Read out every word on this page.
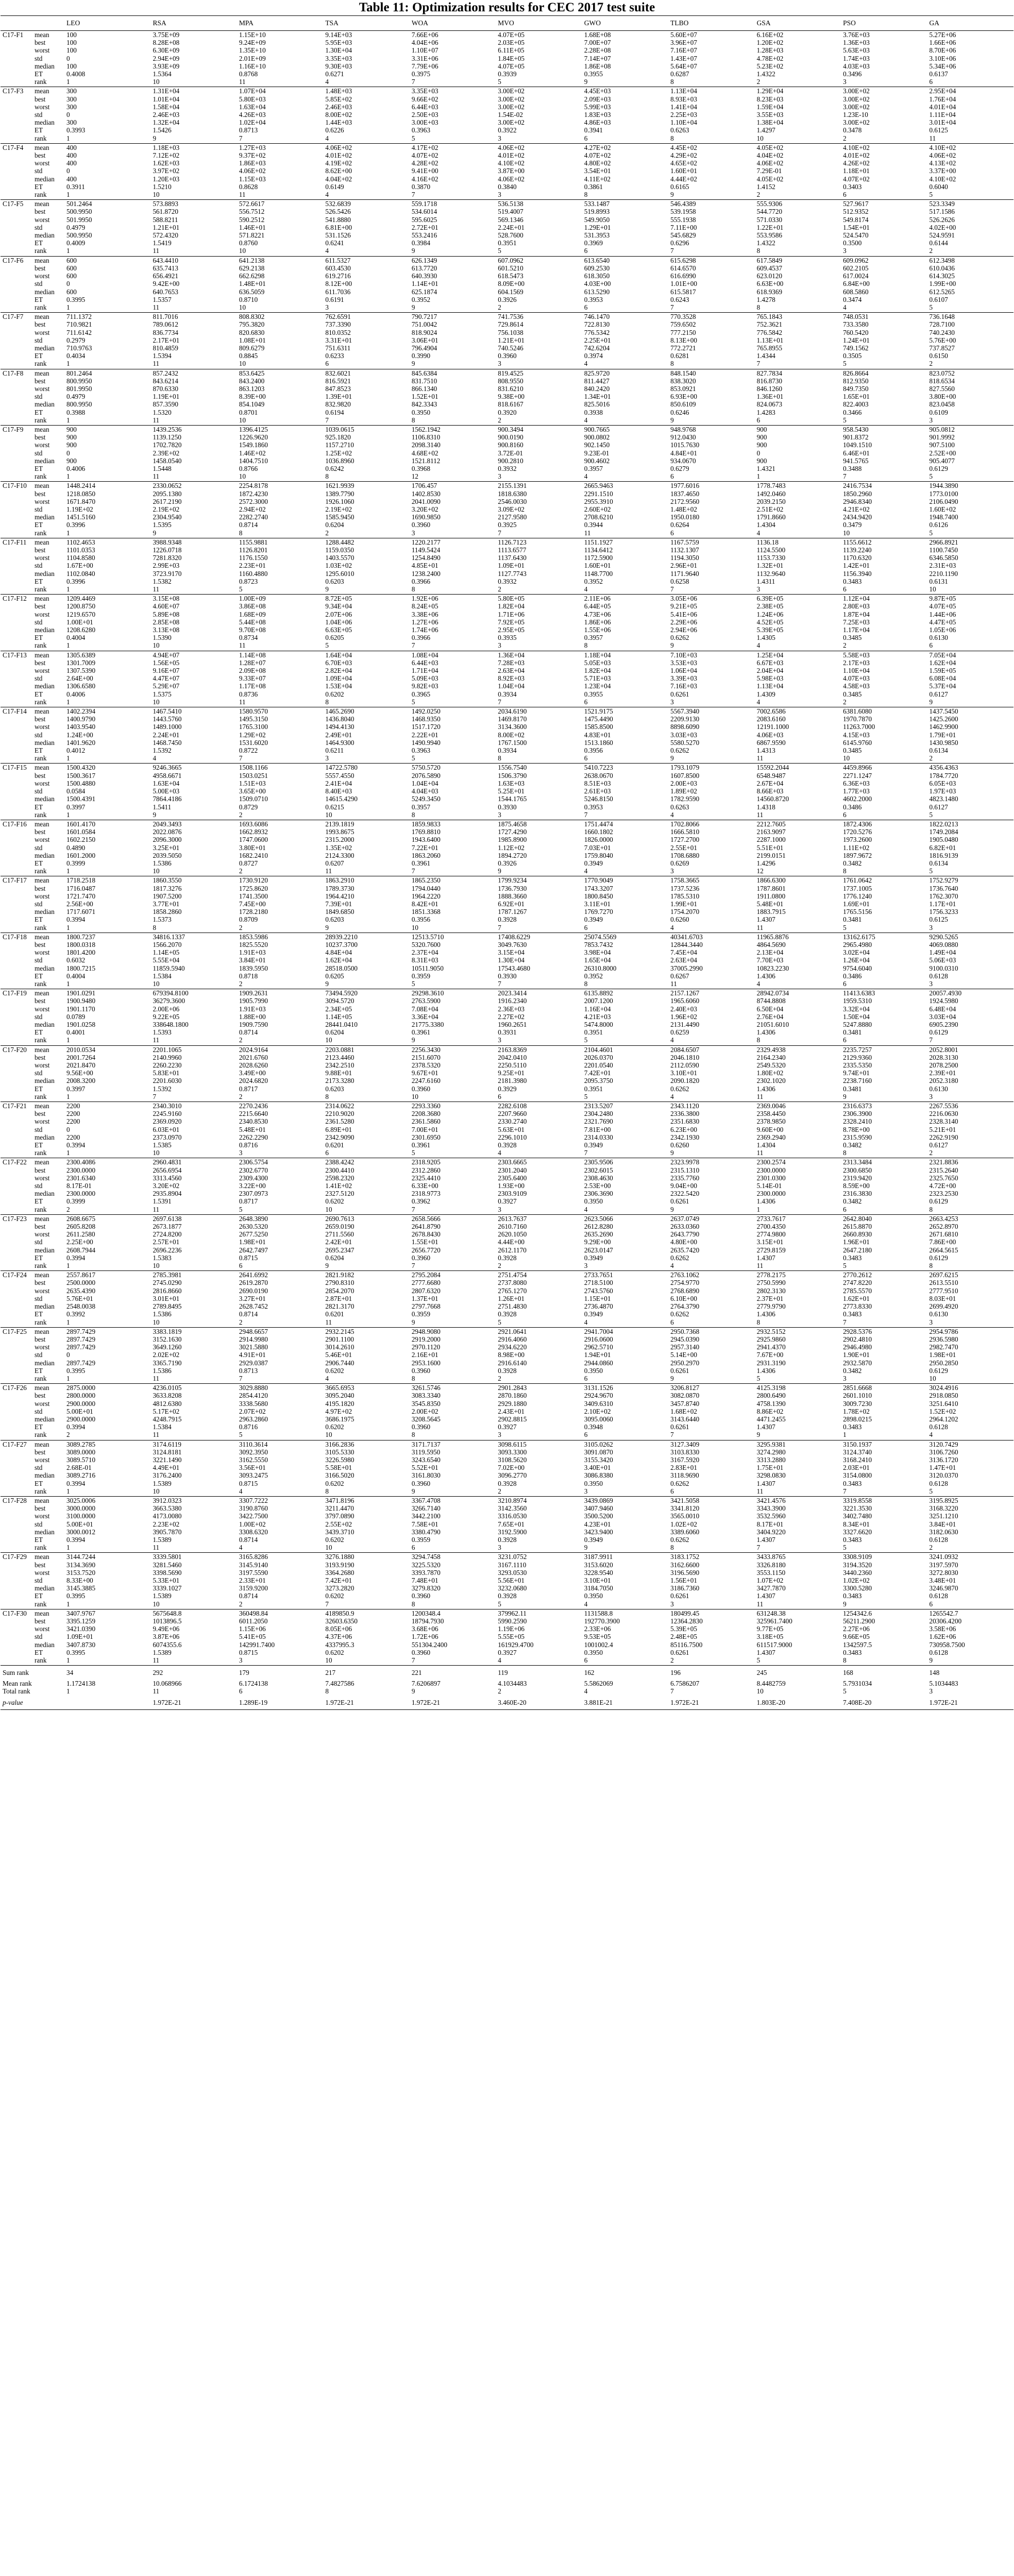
Table 11: Optimization results for CEC 2017 test suite
		LEO	RSA	MPA	TSA	WOA	MVO	GWO	TLBO	GSA	PSO	GA
C17-F1	mean	100	3.75E+09	1.15E+10	9.14E+03	7.66E+06	4.07E+05	1.68E+08	5.60E+07	6.16E+02	3.76E+03	5.27E+06
	best	100	8.28E+08	9.24E+09	5.95E+03	4.04E+06	2.03E+05	7.00E+07	3.96E+07	1.20E+02	1.36E+03	1.66E+06
	worst	100	6.30E+09	1.35E+10	1.30E+04	1.10E+07	6.11E+05	2.28E+08	7.16E+07	1.28E+03	5.63E+03	8.70E+06
	std	0	2.94E+09	2.01E+09	3.35E+03	3.31E+06	1.84E+05	7.14E+07	1.43E+07	4.78E+02	1.74E+03	3.10E+06
	median	100	3.93E+09	1.16E+10	9.30E+03	7.79E+06	4.07E+05	1.86E+08	5.64E+07	5.23E+02	4.03E+03	5.34E+06
	ET	0.4008	1.5364	0.8768	0.6271	0.3975	0.3939	0.3955	0.6287	1.4322	0.3496	0.6137
	rank	1	10	11	4	7	5	9	8	2	3	6
C17-F3	mean	300	1.31E+04	1.07E+04	1.48E+03	3.35E+03	3.00E+02	4.45E+03	1.13E+04	1.29E+04	3.00E+02	2.95E+04
	best	300	1.01E+04	5.80E+03	5.85E+02	9.66E+02	3.00E+02	2.09E+03	8.93E+03	8.23E+03	3.00E+02	1.76E+04
	worst	300	1.58E+04	1.63E+04	2.46E+03	6.44E+03	3.00E+02	5.99E+03	1.41E+04	1.59E+04	3.00E+02	4.01E+04
	std	0	2.46E+03	4.26E+03	8.00E+02	2.50E+03	1.54E-02	1.83E+03	2.25E+03	3.55E+03	1.23E-10	1.11E+04
	median	300	1.32E+04	1.02E+04	1.44E+03	3.00E+03	3.00E+02	4.86E+03	1.10E+04	1.38E+04	3.00E+02	3.01E+04
	ET	0.3993	1.5426	0.8713	0.6226	0.3963	0.3922	0.3941	0.6263	1.4297	0.3478	0.6125
	rank	1	9	7	4	5	3	6	8	10	2	11
C17-F4	mean	400	1.18E+03	1.27E+03	4.06E+02	4.17E+02	4.06E+02	4.27E+02	4.45E+02	4.05E+02	4.10E+02	4.10E+02
	best	400	7.12E+02	9.37E+02	4.01E+02	4.07E+02	4.01E+02	4.07E+02	4.29E+02	4.04E+02	4.01E+02	4.06E+02
	worst	400	1.62E+03	1.86E+03	4.19E+02	4.28E+02	4.10E+02	4.80E+02	4.65E+02	4.06E+02	4.26E+02	4.13E+02
	std	0	3.97E+02	4.06E+02	8.62E+00	9.41E+00	3.87E+00	3.54E+01	1.60E+01	7.29E-01	1.18E+01	3.37E+00
	median	400	1.20E+03	1.15E+03	4.04E+02	4.16E+02	4.06E+02	4.11E+02	4.44E+02	4.05E+02	4.07E+02	4.10E+02
	ET	0.3911	1.5210	0.8628	0.6149	0.3870	0.3840	0.3861	0.6165	1.4152	0.3403	0.6040
	rank	1	10	11	4	7	3	8	9	2	6	5
C17-F5	mean	501.2464	573.8893	572.6617	532.6839	559.1718	536.5138	533.1487	546.4389	555.9306	527.9617	523.3349
	best	500.9950	561.8720	556.7512	526.5426	534.6014	519.4007	519.8993	539.1958	544.7720	512.9352	517.1586
	worst	501.9950	588.8211	590.2512	541.8880	595.6025	569.1346	549.9050	555.1938	571.0330	549.8174	526.2626
	std	0.4979	1.21E+01	1.46E+01	6.81E+00	2.72E+01	2.24E+01	1.29E+01	7.11E+00	1.22E+01	1.54E+01	4.02E+00
	median	500.9950	572.4320	571.8221	531.1526	553.2416	528.7600	531.3953	545.6829	553.9586	524.5470	524.9591
	ET	0.4009	1.5419	0.8760	0.6241	0.3984	0.3951	0.3969	0.6296	1.4322	0.3500	0.6144
	rank	1	11	10	4	9	5	6	7	8	3	2
C17-F6	mean	600	643.4410	641.2138	611.5327	626.1349	607.0962	613.6540	615.6298	617.5849	609.0962	612.3498
	best	600	635.7413	629.2138	603.4530	613.7720	601.5210	609.2530	614.6570	609.4537	602.2105	610.0436
	worst	600	656.4921	662.6298	619.2716	640.3930	618.5473	618.3050	616.6990	623.0120	617.0024	614.3025
	std	0	9.42E+00	1.48E+01	8.12E+00	1.14E+01	8.09E+00	4.03E+00	1.01E+00	6.63E+00	6.84E+00	1.99E+00
	median	600	640.7653	636.5059	611.7036	625.1874	604.1569	613.5290	615.5817	618.9369	608.5860	612.5265
	ET	0.3995	1.5357	0.8710	0.6191	0.3952	0.3926	0.3953	0.6243	1.4278	0.3474	0.6107
	rank	1	11	10	3	9	2	6	7	8	4	5
C17-F7	mean	711.1372	811.7016	808.8302	762.6591	790.7217	741.7536	746.1470	770.3528	765.1843	748.0531	736.1648
	best	710.9821	789.0612	795.3820	737.3390	751.0042	729.8614	722.8130	759.6502	752.3621	733.3580	728.7100
	worst	711.6142	836.7734	820.6830	810.0352	818.9024	756.1038	776.5342	777.2150	776.5842	760.5420	740.2430
	std	0.2979	2.17E+01	1.08E+01	3.31E+01	3.06E+01	1.21E+01	2.25E+01	8.13E+00	1.13E+01	1.24E+01	5.76E+00
	median	710.9763	810.4859	809.6279	751.6311	796.4904	740.5246	742.6204	772.2721	765.8955	749.1562	737.8527
	ET	0.4034	1.5394	0.8845	0.6233	0.3990	0.3960	0.3974	0.6281	1.4344	0.3505	0.6150
	rank	1	11	10	6	9	3	4	8	7	5	2
C17-F8	mean	801.2464	857.2432	853.6425	832.6021	845.6384	819.4525	825.9720	848.1540	827.7834	826.8664	823.0752
	best	800.9950	843.6214	843.2400	816.5921	831.7510	808.9550	811.4427	838.3020	816.8730	812.9350	818.6534
	worst	801.9950	870.6330	863.1203	847.8523	866.1340	831.6210	840.2420	853.0921	846.1260	849.7350	827.5560
	std	0.4979	1.19E+01	8.39E+00	1.39E+01	1.52E+01	9.38E+00	1.34E+01	6.93E+00	1.36E+01	1.65E+01	3.80E+00
	median	800.9950	857.3590	854.1049	832.9820	842.3343	818.6167	825.5016	850.6109	824.0673	822.4003	823.0458
	ET	0.3988	1.5320	0.8701	0.6194	0.3950	0.3920	0.3938	0.6246	1.4283	0.3466	0.6109
	rank	1	11	10	7	8	2	4	9	6	5	3
C17-F9	mean	900	1439.2536	1396.4125	1039.0615	1562.1942	900.3494	900.7665	948.9768	900	958.5430	905.0812
	best	900	1139.1250	1226.9620	925.1820	1106.8310	900.0190	900.0802	912.0430	900	901.8372	901.9992
	worst	900	1702.7820	1549.1860	1157.2710	2098.3140	900.8160	902.1450	1015.7630	900	1049.1510	907.5100
	std	0	2.39E+02	1.46E+02	1.25E+02	4.68E+02	3.72E-01	9.23E-01	4.84E+01	0	6.46E+01	2.52E+00
	median	900	1458.0540	1404.7510	1036.8960	1521.8112	900.2810	900.4602	934.0670	900	941.5765	905.4077
	ET	0.4006	1.5448	0.8766	0.6242	0.3968	0.3932	0.3957	0.6279	1.4321	0.3488	0.6129
	rank	1	11	10	8	12	3	4	6	1	7	5
C17-F10	mean	1448.2414	2330.0652	2254.8178	1621.9939	1706.457	2155.1391	2665.9463	1977.6016	1778.7483	2416.7534	1944.3890
	best	1218.0850	2095.1380	1872.4230	1389.7790	1402.8530	1818.6380	2291.1510	1837.4650	1492.0460	1850.2960	1773.0100
	worst	1671.8470	2617.2190	2572.3000	1926.1060	2041.0090	2546.0030	2955.3910	2172.9560	2039.2150	2946.8340	2106.0490
	std	1.19E+02	2.19E+02	2.94E+02	2.19E+02	3.20E+02	3.09E+02	2.60E+02	1.48E+02	2.51E+02	4.21E+02	1.60E+02
	median	1451.5160	2304.9540	2282.2740	1585.9450	1690.9850	2127.9580	2708.6210	1950.0180	1791.8660	2434.9420	1948.7400
	ET	0.3996	1.5395	0.8714	0.6204	0.3960	0.3925	0.3944	0.6264	1.4304	0.3479	0.6126
	rank	1	9	8	2	3	7	11	6	4	10	5
C17-F11	mean	1102.4653	3988.9348	1155.9881	1288.4482	1220.2177	1126.7123	1151.1927	1167.5759	1136.18	1155.6612	2966.8921
	best	1101.0353	1226.0718	1126.8201	1159.0350	1149.5424	1113.6577	1134.6412	1132.1307	1124.5500	1139.2240	1100.7450
	worst	1104.8580	7281.8320	1176.1550	1403.5570	1254.8490	1137.6430	1172.5900	1194.3050	1153.7330	1170.6320	6346.5850
	std	1.67E+00	2.99E+03	2.23E+01	1.03E+02	4.85E+01	1.09E+01	1.60E+01	2.96E+01	1.32E+01	1.42E+01	2.31E+03
	median	1102.0840	3723.9170	1160.4880	1295.6010	1238.2400	1127.7743	1148.7700	1171.9640	1132.9640	1156.3940	2210.1190
	ET	0.3996	1.5382	0.8723	0.6203	0.3966	0.3932	0.3952	0.6258	1.4311	0.3483	0.6131
	rank	1	11	5	9	8	2	4	7	3	6	10
C17-F12	mean	1209.4469	3.15E+08	1.00E+09	8.72E+05	1.92E+06	5.80E+05	2.11E+06	3.05E+06	6.39E+05	1.12E+04	9.87E+05
	best	1200.8750	4.60E+07	3.86E+08	9.34E+04	8.24E+05	1.82E+04	6.44E+05	9.21E+05	2.38E+05	2.80E+03	4.07E+05
	worst	1219.6570	5.89E+08	1.68E+09	2.07E+06	3.38E+06	1.71E+06	4.73E+06	5.41E+06	1.24E+06	1.87E+04	1.44E+06
	std	1.00E+01	2.85E+08	5.44E+08	1.04E+06	1.27E+06	7.92E+05	1.86E+06	2.29E+06	4.52E+05	7.25E+03	4.47E+05
	median	1208.6280	3.13E+08	9.70E+08	6.63E+05	1.74E+06	2.95E+05	1.55E+06	2.94E+06	5.39E+05	1.17E+04	1.05E+06
	ET	0.4004	1.5390	0.8734	0.6205	0.3966	0.3935	0.3957	0.6262	1.4305	0.3485	0.6130
	rank	1	10	11	5	7	3	8	9	4	2	6
C17-F13	mean	1305.6389	4.94E+07	1.14E+08	1.64E+04	1.08E+04	1.36E+04	1.18E+04	7.10E+03	1.25E+04	5.58E+03	7.05E+04
	best	1301.7009	1.56E+05	1.28E+07	6.70E+03	6.44E+03	7.28E+03	5.05E+03	3.53E+03	6.67E+03	2.17E+03	1.62E+04
	worst	1307.5390	9.16E+07	2.09E+08	2.82E+04	1.71E+04	2.63E+04	1.82E+04	1.06E+04	2.04E+04	1.10E+04	1.59E+05
	std	2.64E+00	4.47E+07	9.33E+07	1.09E+04	5.09E+03	8.92E+03	5.71E+03	3.39E+03	5.98E+03	4.07E+03	6.08E+04
	median	1306.6580	5.29E+07	1.17E+08	1.53E+04	9.82E+03	1.04E+04	1.23E+04	7.16E+03	1.13E+04	4.58E+03	5.37E+04
	ET	0.4006	1.5375	0.8736	0.6202	0.3965	0.3934	0.3955	0.6261	1.4309	0.3485	0.6127
	rank	1	10	11	8	5	7	6	3	4	2	9
C17-F14	mean	1402.2394	1467.5410	1580.9570	1465.2690	1492.0250	2034.6190	1521.9175	5567.3940	7002.6586	6381.6080	1437.5450
	best	1400.9790	1443.5760	1495.3150	1436.8040	1468.9350	1469.8170	1475.4490	2209.9130	2083.6160	1970.7870	1425.2600
	worst	1403.9540	1489.1000	1765.3100	1494.4130	1517.1720	3134.3600	1585.8500	8898.6090	12191.1000	11263.7000	1462.9900
	std	1.24E+00	2.24E+01	1.29E+02	2.49E+01	2.22E+01	8.00E+02	4.83E+01	3.03E+03	4.06E+03	4.15E+03	1.79E+01
	median	1401.9620	1468.7450	1531.6020	1464.9300	1490.9940	1767.1500	1513.1860	5580.5270	6867.9590	6145.9760	1430.9850
	ET	0.4012	1.5392	0.8722	0.6211	0.3963	0.3934	0.3956	0.6262	1.4313	0.3485	0.6134
	rank	1	4	7	3	5	8	6	9	11	10	2
C17-F15	mean	1500.4320	9246.3665	1508.1166	14722.5780	5750.5720	1556.7540	5410.7223	1793.1079	15592.2044	4459.8966	4356.4363
	best	1500.3617	4958.6671	1503.0251	5557.4550	2076.5890	1506.3790	2638.0670	1607.8500	6548.9487	2271.1247	1784.7720
	worst	1500.4880	1.63E+04	1.51E+03	2.41E+04	1.04E+04	1.63E+03	8.51E+03	2.00E+03	2.67E+04	6.36E+03	6.05E+03
	std	0.0584	5.00E+03	3.65E+00	8.40E+03	4.04E+03	5.25E+01	2.61E+03	1.89E+02	8.66E+03	1.77E+03	1.97E+03
	median	1500.4391	7864.4186	1509.0710	14615.4290	5249.3450	1544.1765	5246.8150	1782.9590	14560.8720	4602.2000	4823.1480
	ET	0.3997	1.5411	0.8729	0.6215	0.3957	0.3930	0.3953	0.6263	1.4318	0.3486	0.6127
	rank	1	9	2	10	8	3	7	4	11	6	5
C17-F16	mean	1601.4170	2049.3493	1693.6086	2139.1819	1859.9833	1875.4658	1751.4474	1702.8066	2212.7605	1872.4306	1822.0213
	best	1601.0584	2022.0876	1662.8932	1993.8675	1769.8810	1727.4290	1660.1802	1666.5810	2163.9097	1720.5276	1749.2084
	worst	1602.2150	2096.3000	1747.0600	2315.2000	1943.6400	1985.8900	1826.0000	1727.2700	2287.1000	1973.2600	1905.0480
	std	0.4890	3.25E+01	3.80E+01	1.35E+02	7.22E+01	1.12E+02	7.03E+01	2.55E+01	5.51E+01	1.11E+02	6.82E+01
	median	1601.2000	2039.5050	1682.2410	2124.3300	1863.2060	1894.2720	1759.8040	1708.6880	2199.0151	1897.9672	1816.9139
	ET	0.3999	1.5386	0.8727	0.6207	0.3961	0.3926	0.3949	0.6269	1.4296	0.3482	0.6134
	rank	1	10	2	11	7	9	4	3	12	8	5
C17-F17	mean	1718.2518	1860.3550	1730.9120	1863.2910	1865.2350	1799.9234	1770.9049	1758.3665	1866.6300	1761.0642	1752.9279
	best	1716.0487	1817.3276	1725.8620	1789.3730	1794.0440	1736.7930	1743.3207	1737.5236	1787.8601	1737.1005	1736.7640
	worst	1721.7470	1907.5200	1741.3500	1964.4210	1964.2220	1888.3660	1800.8450	1785.5310	1911.0800	1776.1240	1762.3070
	std	2.56E+00	3.77E+01	7.45E+00	7.39E+01	8.42E+01	6.92E+01	3.11E+01	1.99E+01	5.48E+01	1.69E+01	1.17E+01
	median	1717.6071	1858.2860	1728.2180	1849.6850	1851.3368	1787.1267	1769.7270	1754.2070	1883.7915	1765.5156	1756.3233
	ET	0.3994	1.5373	0.8709	0.6203	0.3956	0.3928	0.3949	0.6260	1.4307	0.3481	0.6125
	rank	1	8	2	9	10	7	6	4	11	5	3
C17-F18	mean	1800.7237	34816.1337	1853.5986	28939.2210	12513.5710	17408.6229	25074.5569	40341.6703	11965.8876	13162.6175	9290.5265
	best	1800.0318	1566.2070	1825.5520	10237.3700	5320.7600	3049.7630	7853.7432	12844.3440	4864.5690	2965.4980	4069.0880
	worst	1801.4200	1.14E+05	1.91E+03	4.84E+04	2.37E+04	3.15E+04	3.98E+04	7.45E+04	2.13E+04	3.02E+04	1.49E+04
	std	0.6032	5.55E+04	3.84E+01	1.62E+04	8.31E+03	1.30E+04	1.65E+04	2.63E+04	7.70E+03	1.26E+04	5.06E+03
	median	1800.7215	11859.5940	1839.5950	28518.0500	10511.9050	17543.4680	26310.8000	37005.2990	10823.2230	9754.6040	9100.0310
	ET	0.4004	1.5384	0.8718	0.6205	0.3959	0.3930	0.3952	0.6267	1.4306	0.3486	0.6128
	rank	1	10	2	9	5	7	8	11	4	6	3
C17-F19	mean	1901.0291	679394.8100	1909.2631	73494.5920	29298.3610	2023.3414	6135.8892	2157.1267	28942.0734	11413.6383	20057.4930
	best	1900.9480	36279.3600	1905.7990	3094.5720	2763.5900	1916.2340	2007.1200	1965.6060	8744.8808	1959.5310	1924.5980
	worst	1901.1170	2.00E+06	1.91E+03	2.34E+05	7.08E+04	2.36E+03	1.16E+04	2.40E+03	6.50E+04	3.32E+04	6.48E+04
	std	0.0789	9.22E+05	1.88E+00	1.14E+05	3.36E+04	2.27E+02	4.21E+03	1.96E+02	2.76E+04	1.50E+04	3.03E+04
	median	1901.0258	338648.1800	1909.7590	28441.0410	21775.3380	1960.2651	5474.8000	2131.4490	21051.6010	5247.8880	6905.2390
	ET	0.4001	1.5393	0.8714	0.6204	0.3961	0.3931	0.3951	0.6259	1.4306	0.3481	0.6129
	rank	1	11	2	10	9	3	5	4	8	6	7
C17-F20	mean	2010.0534	2201.1065	2024.9164	2203.0881	2256.3430	2163.8369	2104.4601	2084.6507	2329.4938	2235.7257	2052.8001
	best	2001.7264	2140.9960	2021.6760	2123.4460	2151.6070	2042.0410	2026.0370	2046.1810	2164.2340	2129.9360	2028.3130
	worst	2021.8470	2260.2230	2028.6260	2342.2510	2378.5320	2250.5110	2201.0540	2112.0590	2549.5320	2335.5350	2078.2500
	std	9.56E+00	5.83E+01	3.49E+00	9.88E+01	9.67E+01	9.25E+01	7.42E+01	3.10E+01	1.80E+02	9.74E+01	2.39E+01
	median	2008.3200	2201.6030	2024.6820	2173.3280	2247.6160	2181.3980	2095.3750	2090.1820	2302.1020	2238.7160	2052.3180
	ET	0.3997	1.5392	0.8717	0.6203	0.3960	0.3929	0.3951	0.6262	1.4306	0.3481	0.6130
	rank	1	7	2	8	10	6	5	4	11	9	3
C17-F21	mean	2200	2340.3010	2270.2436	2314.0622	2293.3360	2282.6108	2313.5207	2343.1120	2369.0046	2316.6373	2267.5536
	best	2200	2245.9160	2215.6640	2210.9020	2208.3680	2207.9660	2304.2480	2336.3800	2358.4450	2306.3900	2216.0630
	worst	2200	2369.0920	2340.8530	2361.5280	2361.5860	2330.2740	2321.7690	2351.6830	2378.9850	2328.2410	2328.3140
	std	0	6.03E+01	5.48E+01	6.89E+01	7.00E+01	5.63E+01	7.81E+00	6.23E+00	9.60E+00	8.78E+00	5.21E+01
	median	2200	2373.0970	2262.2290	2342.9090	2301.6950	2296.1010	2314.0330	2342.1930	2369.2940	2315.9590	2262.9190
	ET	0.3994	1.5385	0.8716	0.6201	0.3961	0.3928	0.3949	0.6260	1.4304	0.3482	0.6127
	rank	1	10	3	6	5	4	7	9	11	8	2
C17-F22	mean	2300.4086	2960.4831	2306.5754	2388.4242	2318.9205	2303.6665	2305.9506	2323.9978	2300.2574	2313.3484	2321.8836
	best	2300.0000	2656.6954	2302.6770	2300.4410	2312.2860	2301.2040	2302.6015	2315.1310	2300.0000	2300.6850	2315.2640
	worst	2301.6340	3313.4560	2309.4300	2598.2320	2325.4410	2305.6400	2308.4630	2335.7760	2301.0300	2319.9420	2325.7650
	std	8.17E-01	3.20E+02	3.22E+00	1.41E+02	6.33E+00	1.93E+00	2.53E+00	9.04E+00	5.14E-01	8.59E+00	4.72E+00
	median	2300.0000	2935.8904	2307.0973	2327.5120	2318.9773	2303.9109	2306.3690	2322.5420	2300.0000	2316.3830	2323.2530
	ET	0.3999	1.5391	0.8717	0.6202	0.3962	0.3927	0.3950	0.6261	1.4306	0.3482	0.6129
	rank	2	11	5	10	7	3	4	9	1	6	8
C17-F23	mean	2608.6675	2697.6138	2648.3890	2690.7613	2658.5666	2613.7637	2623.5066	2637.0749	2733.7617	2642.8040	2663.4253
	best	2605.8208	2673.1877	2630.5320	2659.0190	2641.8790	2610.7160	2612.8280	2633.0360	2700.4350	2615.8870	2652.8970
	worst	2611.2580	2724.8200	2677.5250	2711.5560	2678.8430	2620.1050	2635.2690	2643.7790	2774.9800	2660.8930	2671.6810
	std	2.25E+00	2.57E+01	1.98E+01	2.42E+01	1.55E+01	4.44E+00	9.29E+00	4.80E+00	3.15E+01	1.96E+01	7.86E+00
	median	2608.7944	2696.2236	2642.7497	2695.2347	2656.7720	2612.1170	2623.0147	2635.7420	2729.8159	2647.2180	2664.5615
	ET	0.3994	1.5383	0.8715	0.6204	0.3960	0.3928	0.3949	0.6262	1.4307	0.3483	0.6129
	rank	1	10	6	9	7	2	3	4	11	5	8
C17-F24	mean	2557.8617	2785.3981	2641.6992	2821.9182	2795.2084	2751.4754	2733.7651	2763.1062	2778.2175	2770.2612	2697.6215
	best	2500.0000	2745.0290	2619.2870	2790.8310	2777.6680	2737.8080	2718.5100	2754.9770	2750.5990	2747.8220	2613.5510
	worst	2635.4390	2816.8660	2690.0190	2854.2070	2807.6320	2765.1270	2743.5760	2768.6890	2802.3130	2785.5570	2777.9510
	std	5.76E+01	3.01E+01	3.27E+01	2.87E+01	1.37E+01	1.26E+01	1.15E+01	6.10E+00	2.37E+01	1.62E+01	8.03E+01
	median	2548.0038	2789.8495	2628.7452	2821.3170	2797.7668	2751.4830	2736.4870	2764.3790	2779.9790	2773.8330	2699.4920
	ET	0.3992	1.5386	0.8714	0.6201	0.3959	0.3928	0.3949	0.6262	1.4306	0.3483	0.6130
	rank	1	10	2	11	9	5	4	6	8	7	3
C17-F25	mean	2897.7429	3383.1819	2948.6657	2932.2145	2948.9080	2921.0641	2941.7004	2950.7368	2932.5152	2928.5376	2954.9786
	best	2897.7429	3152.1630	2914.9980	2901.1100	2919.2000	2916.4060	2916.0600	2945.0390	2925.9860	2902.4810	2936.5980
	worst	2897.7429	3649.1260	3021.5880	3014.2610	2970.1120	2934.6220	2962.5710	2957.3140	2941.4370	2946.4980	2982.7470
	std	0	2.02E+02	4.91E+01	5.46E+01	2.16E+01	8.98E+00	1.94E+01	5.14E+00	7.67E+00	1.90E+01	1.98E+01
	median	2897.7429	3365.7190	2929.0387	2906.7440	2953.1600	2916.6140	2944.0860	2950.2970	2931.3190	2932.5870	2950.2850
	ET	0.3995	1.5386	0.8713	0.6202	0.3960	0.3928	0.3950	0.6261	1.4306	0.3482	0.6129
	rank	1	11	7	4	8	2	6	9	5	3	10
C17-F26	mean	2875.0000	4236.0105	3029.8880	3665.6953	3261.5746	2901.2843	3131.1526	3206.8127	4125.3198	2851.6668	3024.4916
	best	2800.0000	3633.8208	2854.4120	3095.2040	3083.3340	2870.1860	2924.9670	3082.0870	2800.6490	2601.1010	2918.0850
	worst	2900.0000	4812.6380	3338.5680	4195.1820	3545.8350	2929.1880	3409.6310	3457.8740	4758.1390	3009.7230	3251.6410
	std	5.00E+01	5.17E+02	2.07E+02	4.97E+02	2.00E+02	2.43E+01	2.10E+02	1.68E+02	8.86E+02	1.78E+02	1.52E+02
	median	2900.0000	4248.7915	2963.2860	3686.1975	3208.5645	2902.8815	3095.0060	3143.6440	4471.2455	2898.0215	2964.1202
	ET	0.3994	1.5384	0.8716	0.6202	0.3960	0.3927	0.3948	0.6261	1.4307	0.3483	0.6128
	rank	2	11	5	10	8	3	6	7	9	1	4
C17-F27	mean	3089.2785	3174.6119	3110.3614	3166.2836	3171.7137	3098.6115	3105.0262	3127.3409	3295.9381	3150.1937	3120.7429
	best	3089.0000	3124.8181	3092.3950	3105.5330	3119.5950	3093.3300	3091.0870	3103.8330	3274.2980	3124.3740	3106.7260
	worst	3089.5710	3221.1490	3162.5550	3226.5980	3243.6540	3108.5620	3155.3420	3167.5920	3313.2880	3168.2410	3136.1720
	std	2.68E-01	4.49E+01	3.56E+01	5.58E+01	5.52E+01	7.02E+00	3.40E+01	2.83E+01	1.75E+01	2.03E+01	1.47E+01
	median	3089.2716	3176.2400	3093.2475	3166.5020	3161.8030	3096.2770	3086.8380	3118.9690	3298.0830	3154.0800	3120.0370
	ET	0.3994	1.5389	0.8715	0.6202	0.3960	0.3928	0.3950	0.6262	1.4307	0.3483	0.6128
	rank	1	10	4	8	9	2	3	6	11	7	5
C17-F28	mean	3025.0006	3912.0323	3307.7222	3471.8196	3367.4708	3210.8974	3439.0869	3421.5058	3421.4576	3319.8558	3195.8925
	best	3000.0000	3663.5380	3190.8760	3211.4470	3266.7140	3142.3560	3407.9460	3341.8120	3343.3900	3221.3530	3168.3220
	worst	3100.0000	4173.0080	3422.7500	3797.0890	3442.2100	3316.0530	3500.5200	3565.0010	3532.5960	3402.7480	3251.1210
	std	5.00E+01	2.23E+02	1.00E+02	2.55E+02	7.58E+01	7.65E+01	4.23E+01	1.02E+02	8.17E+01	8.34E+01	3.84E+01
	median	3000.0012	3905.7870	3308.6320	3439.3710	3380.4790	3192.5900	3423.9400	3389.6060	3404.9220	3327.6620	3182.0630
	ET	0.3994	1.5389	0.8714	0.6202	0.3959	0.3928	0.3949	0.6262	1.4307	0.3483	0.6128
	rank	1	11	4	10	6	3	9	8	7	5	2
C17-F29	mean	3144.7244	3339.5801	3165.8286	3276.1880	3294.7458	3231.0752	3187.9911	3183.1752	3433.8765	3308.9109	3241.0932
	best	3134.3690	3281.5460	3145.9140	3193.9190	3225.5320	3167.1110	3153.6020	3162.6600	3326.8180	3194.3520	3197.5970
	worst	3153.7520	3398.5690	3197.5590	3364.2680	3393.7870	3293.0530	3228.9540	3196.5690	3553.1150	3440.2360	3272.8030
	std	8.33E+00	5.33E+01	2.33E+01	7.42E+01	7.48E+01	5.56E+01	3.10E+01	1.56E+01	1.07E+02	1.02E+02	3.48E+01
	median	3145.3885	3339.1027	3159.9200	3273.2820	3279.8320	3232.0680	3184.7050	3186.7360	3427.7870	3300.5280	3246.9870
	ET	0.3995	1.5389	0.8714	0.6202	0.3960	0.3928	0.3950	0.6261	1.4307	0.3483	0.6128
	rank	1	10	2	7	8	5	4	3	11	9	6
C17-F30	mean	3407.9767	5675648.8	360498.84	4189850.9	1200348.4	379962.11	1131588.8	180499.45	631248.38	1254342.6	1265542.7
	best	3395.1259	1013896.5	6011.2050	32603.6350	18794.7930	5990.2590	192770.3900	12364.2830	325961.7400	56211.2900	20306.4200
	worst	3421.0390	9.49E+06	1.15E+06	8.05E+06	3.68E+06	1.19E+06	2.33E+06	5.39E+05	9.77E+05	2.27E+06	3.58E+06
	std	1.09E+01	3.87E+06	5.41E+05	4.37E+06	1.72E+06	5.55E+05	9.53E+05	2.48E+05	3.18E+05	9.66E+05	1.62E+06
	median	3407.8730	6074355.6	142991.7400	4337995.3	551304.2400	161929.4700	1001002.4	85116.7500	611517.9000	1342597.5	730958.7500
	ET	0.3995	1.5389	0.8715	0.6202	0.3960	0.3927	0.3950	0.6261	1.4307	0.3483	0.6128
	rank	1	11	3	10	7	4	6	2	5	8	9
Sum rank		34	292	179	217	221	119	162	196	245	168	148
Mean rank		1.1724138	10.068966	6.1724138	7.4827586	7.6206897	4.1034483	5.5862069	6.7586207	8.4482759	5.7931034	5.1034483
Total rank		1	11	6	8	9	2	4	7	10	5	3
p-value			1.972E-21	1.289E-19	1.972E-21	1.972E-21	3.460E-20	3.881E-21	1.972E-21	1.803E-20	7.408E-20	1.972E-21
